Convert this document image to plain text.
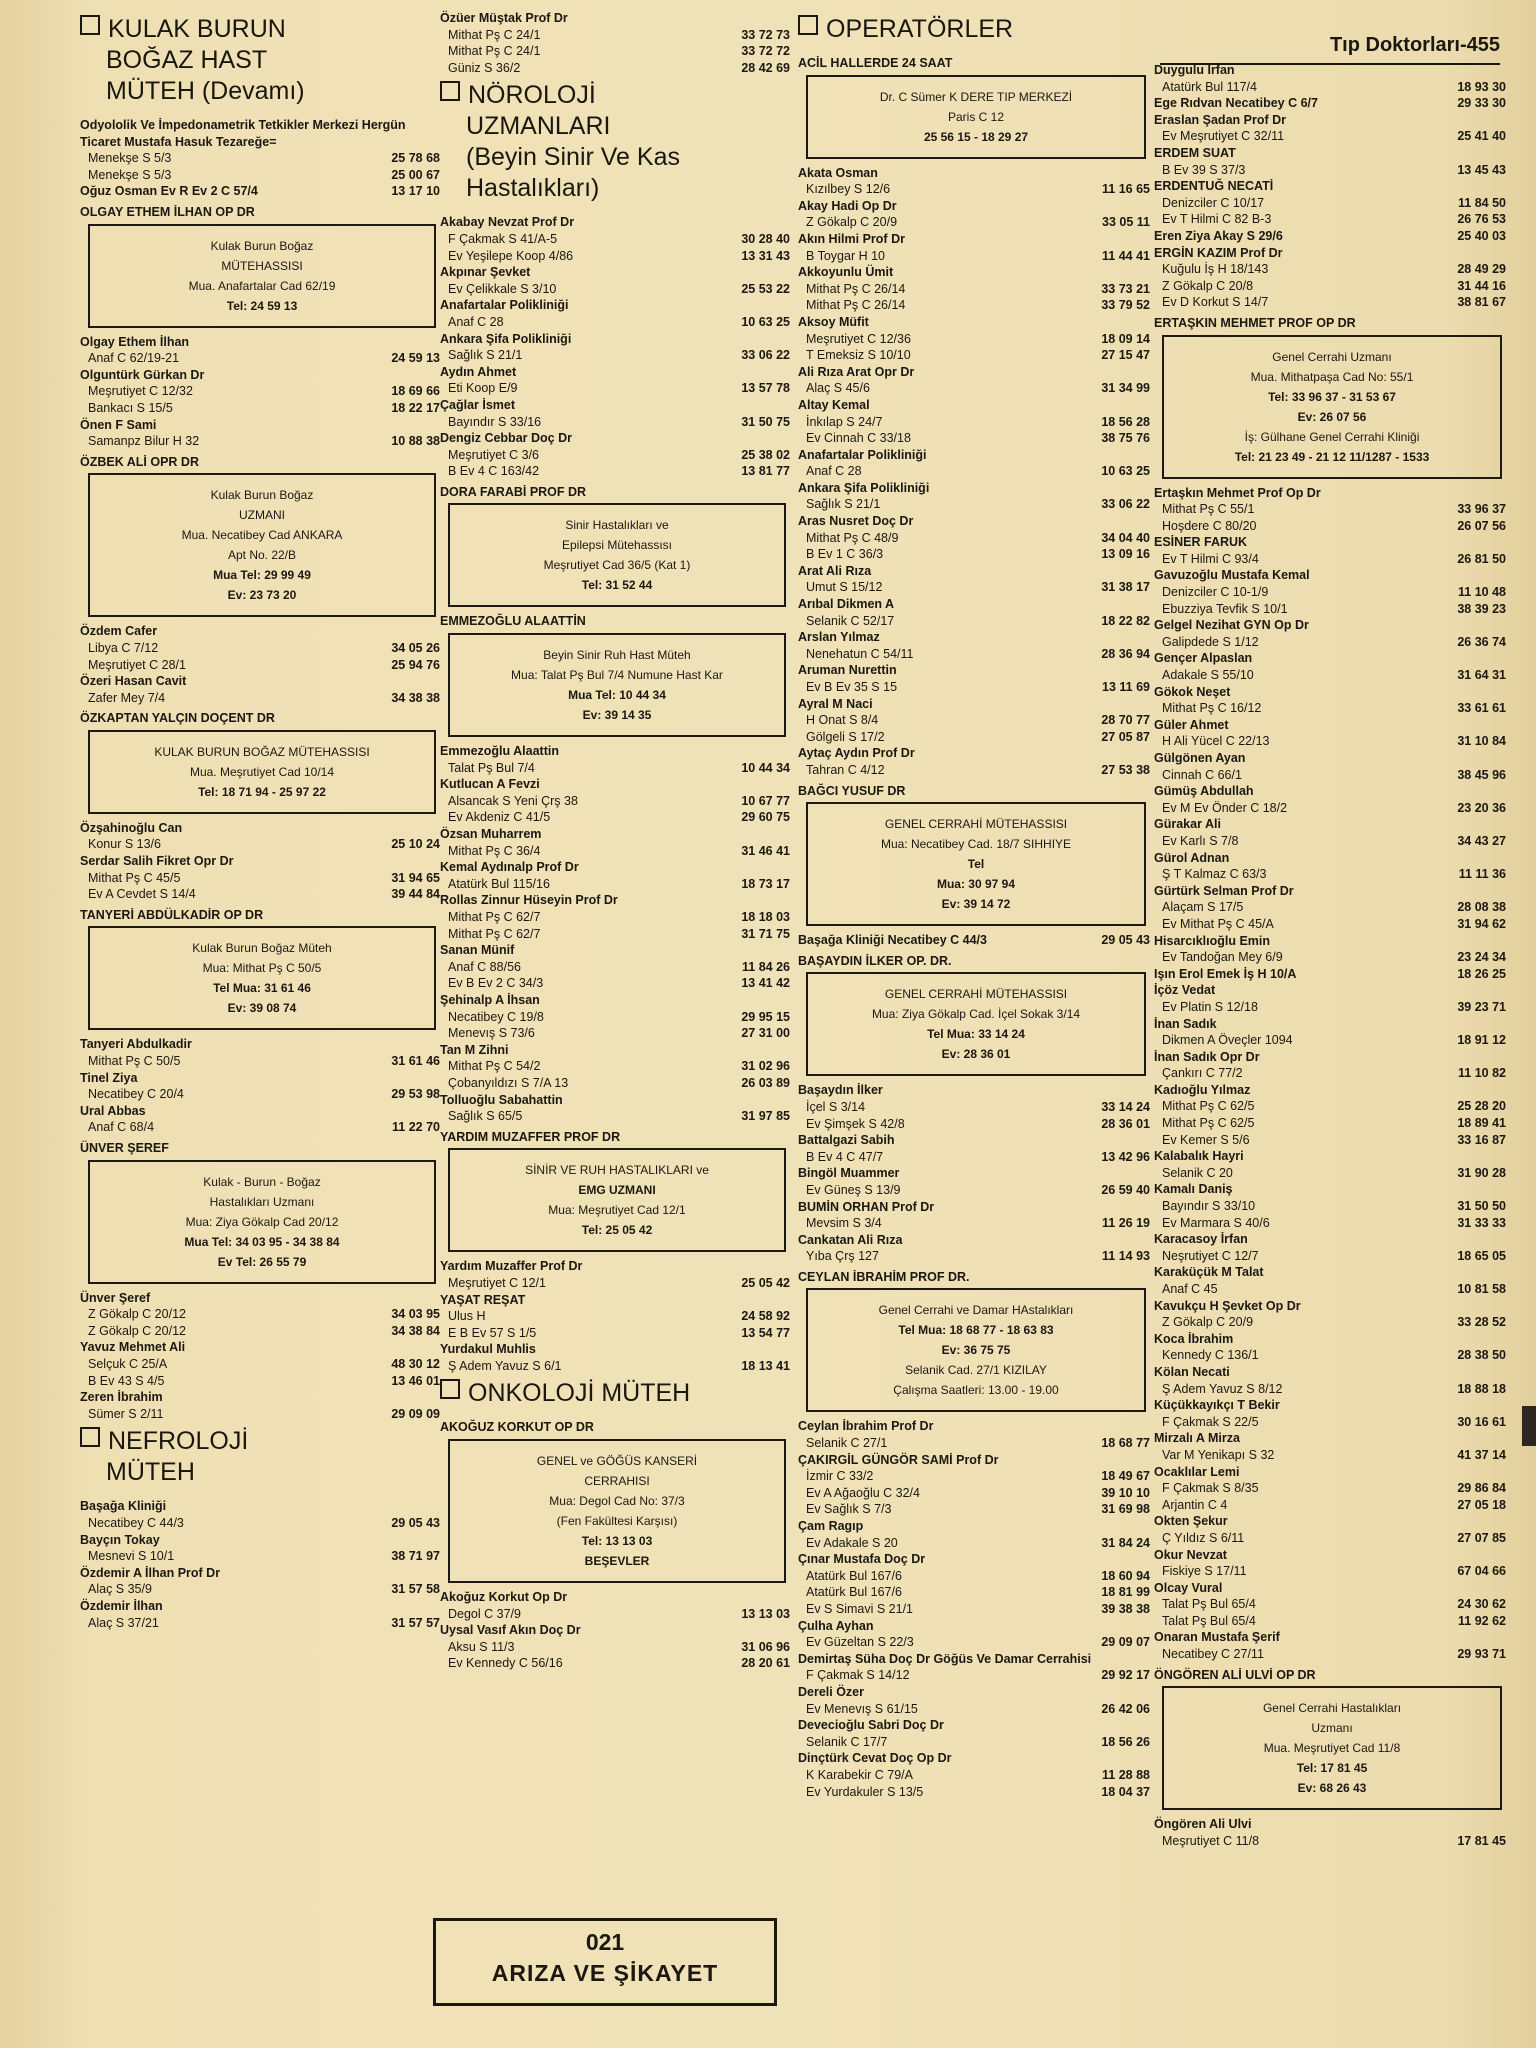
Tıp Doktorları-455
KULAK BURUN
BOĞAZ HAST
MÜTEH (Devamı)
Odyololik Ve İmpedonametrik Tetkikler Merkezi Hergün Ticaret Mustafa Hasuk Tezareğe=
Menekşe S 5/3	25 78 68
Menekşe S 5/3	25 00 67
Oğuz Osman Ev R Ev 2 C 57/4	13 17 10
OLGAY ETHEM İLHAN OP DR
Kulak Burun Boğaz
MÜTEHASSISI
Mua. Anafartalar Cad 62/19
Tel: 24 59 13
Olgay Ethem İlhan
Anaf C 62/19-21	24 59 13
Olguntürk Gürkan Dr
Meşrutiyet C 12/32	18 69 66
Bankacı S 15/5	18 22 17
Önen F Sami
Samanpz Bilur H 32	10 88 38
ÖZBEK ALİ OPR DR
Kulak Burun Boğaz
UZMANI
Mua. Necatibey Cad ANKARA
Apt No. 22/B
Mua Tel: 29 99 49
Ev: 23 73 20
Özdem Cafer
Libya C 7/12	34 05 26
Meşrutiyet C 28/1	25 94 76
Özeri Hasan Cavit
Zafer Mey 7/4	34 38 38
ÖZKAPTAN YALÇIN DOÇENT DR
KULAK BURUN BOĞAZ MÜTEHASSISI
Mua. Meşrutiyet Cad 10/14
Tel: 18 71 94 - 25 97 22
Özşahinoğlu Can
Konur S 13/6	25 10 24
Serdar Salih Fikret Opr Dr
Mithat Pş C 45/5	31 94 65
Ev A Cevdet S 14/4	39 44 84
TANYERİ ABDÜLKADİR OP DR
Kulak Burun Boğaz Müteh
Mua: Mithat Pş C 50/5
Tel Mua: 31 61 46
Ev: 39 08 74
Tanyeri Abdulkadir
Mithat Pş C 50/5	31 61 46
Tinel Ziya
Necatibey C 20/4	29 53 98
Ural Abbas
Anaf C 68/4	11 22 70
ÜNVER ŞEREF
Kulak - Burun - Boğaz
Hastalıkları Uzmanı
Mua: Ziya Gökalp Cad 20/12
Mua Tel: 34 03 95 - 34 38 84
Ev Tel: 26 55 79
Ünver Şeref
Z Gökalp C 20/12	34 03 95
Z Gökalp C 20/12	34 38 84
Yavuz Mehmet Ali
Selçuk C 25/A	48 30 12
B Ev 43 S 4/5	13 46 01
Zeren İbrahim
Sümer S 2/11	29 09 09
NEFROLOJİ
MÜTEH
Başağa Kliniği
Necatibey C 44/3	29 05 43
Bayçın Tokay
Mesnevi S 10/1	38 71 97
Özdemir A İlhan Prof Dr
Alaç S 35/9	31 57 58
Özdemir İlhan
Alaç S 37/21	31 57 57
Özüer Müştak Prof Dr
Mithat Pş C 24/1	33 72 73
Mithat Pş C 24/1	33 72 72
Güniz S 36/2	28 42 69
NÖROLOJİ
UZMANLARI
(Beyin Sinir Ve Kas
Hastalıkları)
Akabay Nevzat Prof Dr
F Çakmak S 41/A-5	30 28 40
Ev Yeşilepe Koop 4/86	13 31 43
Akpınar Şevket
Ev Çelikkale S 3/10	25 53 22
Anafartalar Polikliniği
Anaf C 28	10 63 25
Ankara Şifa Polikliniği
Sağlık S 21/1	33 06 22
Aydın Ahmet
Eti Koop E/9	13 57 78
Çağlar İsmet
Bayındır S 33/16	31 50 75
Dengiz Cebbar Doç Dr
Meşrutiyet C 3/6	25 38 02
B Ev 4 C 163/42	13 81 77
DORA FARABİ PROF DR
Sinir Hastalıkları ve
Epilepsi Mütehassısı
Meşrutiyet Cad 36/5 (Kat 1)
Tel: 31 52 44
EMMEZOĞLU ALAATTİN
Beyin Sinir Ruh Hast Müteh
Mua: Talat Pş Bul 7/4 Numune Hast Kar
Mua Tel: 10 44 34
Ev: 39 14 35
Emmezoğlu Alaattin
Talat Pş Bul 7/4	10 44 34
Kutlucan A Fevzi
Alsancak S Yeni Çrş 38	10 67 77
Ev Akdeniz C 41/5	29 60 75
Özsan Muharrem
Mithat Pş C 36/4	31 46 41
Kemal Aydınalp Prof Dr
Atatürk Bul 115/16	18 73 17
Rollas Zinnur Hüseyin Prof Dr
Mithat Pş C 62/7	18 18 03
Mithat Pş C 62/7	31 71 75
Sanan Münif
Anaf C 88/56	11 84 26
Ev B Ev 2 C 34/3	13 41 42
Şehinalp A İhsan
Necatibey C 19/8	29 95 15
Menevış S 73/6	27 31 00
Tan M Zihni
Mithat Pş C 54/2	31 02 96
Çobanyıldızı S 7/A 13	26 03 89
Tolluoğlu Sabahattin
Sağlık S 65/5	31 97 85
YARDIM MUZAFFER PROF DR
SİNİR VE RUH HASTALIKLARI ve
EMG UZMANI
Mua: Meşrutiyet Cad 12/1
Tel: 25 05 42
Yardım Muzaffer Prof Dr
Meşrutiyet C 12/1	25 05 42
YAŞAT REŞAT
Ulus H	24 58 92
E B Ev 57 S 1/5	13 54 77
Yurdakul Muhlis
Ş Adem Yavuz S 6/1	18 13 41
ONKOLOJİ MÜTEH
AKOĞUZ KORKUT OP DR
GENEL ve GÖĞÜS KANSERİ
CERRAHISI
Mua: Degol Cad No: 37/3
(Fen Fakültesi Karşısı)
Tel: 13 13 03
BEŞEVLER
Akoğuz Korkut Op Dr
Degol C 37/9	13 13 03
Uysal Vasıf Akın Doç Dr
Aksu S 11/3	31 06 96
Ev Kennedy C 56/16	28 20 61
OPERATÖRLER
ACİL HALLERDE 24 SAAT
Dr. C Sümer K DERE TIP MERKEZİ
Paris C 12
25 56 15 - 18 29 27
Akata Osman
Kızılbey S 12/6	11 16 65
Akay Hadi Op Dr
Z Gökalp C 20/9	33 05 11
Akın Hilmi Prof Dr
B Toygar H 10	11 44 41
Akkoyunlu Ümit
Mithat Pş C 26/14	33 73 21
Mithat Pş C 26/14	33 79 52
Aksoy Müfit
Meşrutiyet C 12/36	18 09 14
T Emeksiz S 10/10	27 15 47
Ali Rıza Arat Opr Dr
Alaç S 45/6	31 34 99
Altay Kemal
İnkılap S 24/7	18 56 28
Ev Cinnah C 33/18	38 75 76
Anafartalar Polikliniği
Anaf C 28	10 63 25
Ankara Şifa Polikliniği
Sağlık S 21/1	33 06 22
Aras Nusret Doç Dr
Mithat Pş C 48/9	34 04 40
B Ev 1 C 36/3	13 09 16
Arat Ali Rıza
Umut S 15/12	31 38 17
Arıbal Dikmen A
Selanik C 52/17	18 22 82
Arslan Yılmaz
Nenehatun C 54/11	28 36 94
Aruman Nurettin
Ev B Ev 35 S 15	13 11 69
Ayral M Naci
H Onat S 8/4	28 70 77
Gölgeli S 17/2	27 05 87
Aytaç Aydın Prof Dr
Tahran C 4/12	27 53 38
BAĞCI YUSUF DR
GENEL CERRAHİ MÜTEHASSISI
Mua: Necatibey Cad. 18/7 SIHHIYE
Tel
Mua: 30 97 94
Ev: 39 14 72
Başağa Kliniği Necatibey C 44/3	29 05 43
BAŞAYDIN İLKER OP. DR.
GENEL CERRAHİ MÜTEHASSISI
Mua: Ziya Gökalp Cad. İçel Sokak 3/14
Tel Mua: 33 14 24
Ev: 28 36 01
Başaydın İlker
İçel S 3/14	33 14 24
Ev Şimşek S 42/8	28 36 01
Battalgazi Sabih
B Ev 4 C 47/7	13 42 96
Bingöl Muammer
Ev Güneş S 13/9	26 59 40
BUMİN ORHAN Prof Dr
Mevsim S 3/4	11 26 19
Cankatan Ali Rıza
Yıba Çrş 127	11 14 93
CEYLAN İBRAHİM PROF DR.
Genel Cerrahi ve Damar HAstalıkları
Tel Mua: 18 68 77 - 18 63 83
Ev: 36 75 75
Selanik Cad. 27/1 KIZILAY
Çalışma Saatleri: 13.00 - 19.00
Ceylan İbrahim Prof Dr
Selanik C 27/1	18 68 77
ÇAKIRGİL GÜNGÖR SAMİ Prof Dr
İzmir C 33/2	18 49 67
Ev A Ağaoğlu C 32/4	39 10 10
Ev Sağlık S 7/3	31 69 98
Çam Ragıp
Ev Adakale S 20	31 84 24
Çınar Mustafa Doç Dr
Atatürk Bul 167/6	18 60 94
Atatürk Bul 167/6	18 81 99
Ev S Simavi S 21/1	39 38 38
Çulha Ayhan
Ev Güzeltan S 22/3	29 09 07
Demirtaş Süha Doç Dr Göğüs Ve Damar Cerrahisi
F Çakmak S 14/12	29 92 17
Dereli Özer
Ev Menevış S 61/15	26 42 06
Devecioğlu Sabri Doç Dr
Selanik C 17/7	18 56 26
Dinçtürk Cevat Doç Op Dr
K Karabekir C 79/A	11 28 88
Ev Yurdakuler S 13/5	18 04 37
Duygulu İrfan
Atatürk Bul 117/4	18 93 30
Ege Rıdvan Necatibey C 6/7	29 33 30
Eraslan Şadan Prof Dr
Ev Meşrutiyet C 32/11	25 41 40
ERDEM SUAT
B Ev 39 S 37/3	13 45 43
ERDENTUĞ NECATİ
Denizciler C 10/17	11 84 50
Ev T Hilmi C 82 B-3	26 76 53
Eren Ziya Akay S 29/6	25 40 03
ERGİN KAZIM Prof Dr
Kuğulu İş H 18/143	28 49 29
Z Gökalp C 20/8	31 44 16
Ev D Korkut S 14/7	38 81 67
ERTAŞKIN MEHMET PROF OP DR
Genel Cerrahi Uzmanı
Mua. Mithatpaşa Cad No: 55/1
Tel: 33 96 37 - 31 53 67
Ev: 26 07 56
İş: Gülhane Genel Cerrahi Kliniği
Tel: 21 23 49 - 21 12 11/1287 - 1533
Ertaşkın Mehmet Prof Op Dr
Mithat Pş C 55/1	33 96 37
Hoşdere C 80/20	26 07 56
ESİNER FARUK
Ev T Hilmi C 93/4	26 81 50
Gavuzoğlu Mustafa Kemal
Denizciler C 10-1/9	11 10 48
Ebuzziya Tevfik S 10/1	38 39 23
Gelgel Nezihat GYN Op Dr
Galipdede S 1/12	26 36 74
Gençer Alpaslan
Adakale S 55/10	31 64 31
Gökok Neşet
Mithat Pş C 16/12	33 61 61
Güler Ahmet
H Ali Yücel C 22/13	31 10 84
Gülgönen Ayan
Cinnah C 66/1	38 45 96
Gümüş Abdullah
Ev M Ev Önder C 18/2	23 20 36
Gürakar Ali
Ev Karlı S 7/8	34 43 27
Gürol Adnan
Ş T Kalmaz C 63/3	11 11 36
Gürtürk Selman Prof Dr
Alaçam S 17/5	28 08 38
Ev Mithat Pş C 45/A	31 94 62
Hisarcıklıoğlu Emin
Ev Tandoğan Mey 6/9	23 24 34
Işın Erol Emek İş H 10/A	18 26 25
İçöz Vedat
Ev Platin S 12/18	39 23 71
İnan Sadık
Dikmen A Öveçler 1094	18 91 12
İnan Sadık Opr Dr
Çankırı C 77/2	11 10 82
Kadıoğlu Yılmaz
Mithat Pş C 62/5	25 28 20
Mithat Pş C 62/5	18 89 41
Ev Kemer S 5/6	33 16 87
Kalabalık Hayri
Selanik C 20	31 90 28
Kamalı Daniş
Bayındır S 33/10	31 50 50
Ev Marmara S 40/6	31 33 33
Karacasoy İrfan
Neşrutiyet C 12/7	18 65 05
Karaküçük M Talat
Anaf C 45	10 81 58
Kavukçu H Şevket Op Dr
Z Gökalp C 20/9	33 28 52
Koca İbrahim
Kennedy C 136/1	28 38 50
Kölan Necati
Ş Adem Yavuz S 8/12	18 88 18
Küçükkayıkçı T Bekir
F Çakmak S 22/5	30 16 61
Mirzalı A Mirza
Var M Yenikapı S 32	41 37 14
Ocaklılar Lemi
F Çakmak S 8/35	29 86 84
Arjantin C 4	27 05 18
Okten Şekur
Ç Yıldız S 6/11	27 07 85
Okur Nevzat
Fiskiye S 17/11	67 04 66
Olcay Vural
Talat Pş Bul 65/4	24 30 62
Talat Pş Bul 65/4	11 92 62
Onaran Mustafa Şerif
Necatibey C 27/11	29 93 71
ÖNGÖREN ALİ ULVİ OP DR
Genel Cerrahi Hastalıkları
Uzmanı
Mua. Meşrutiyet Cad 11/8
Tel: 17 81 45
Ev: 68 26 43
Öngören Ali Ulvi
Meşrutiyet C 11/8	17 81 45
021
ARIZA VE ŞİKAYET
